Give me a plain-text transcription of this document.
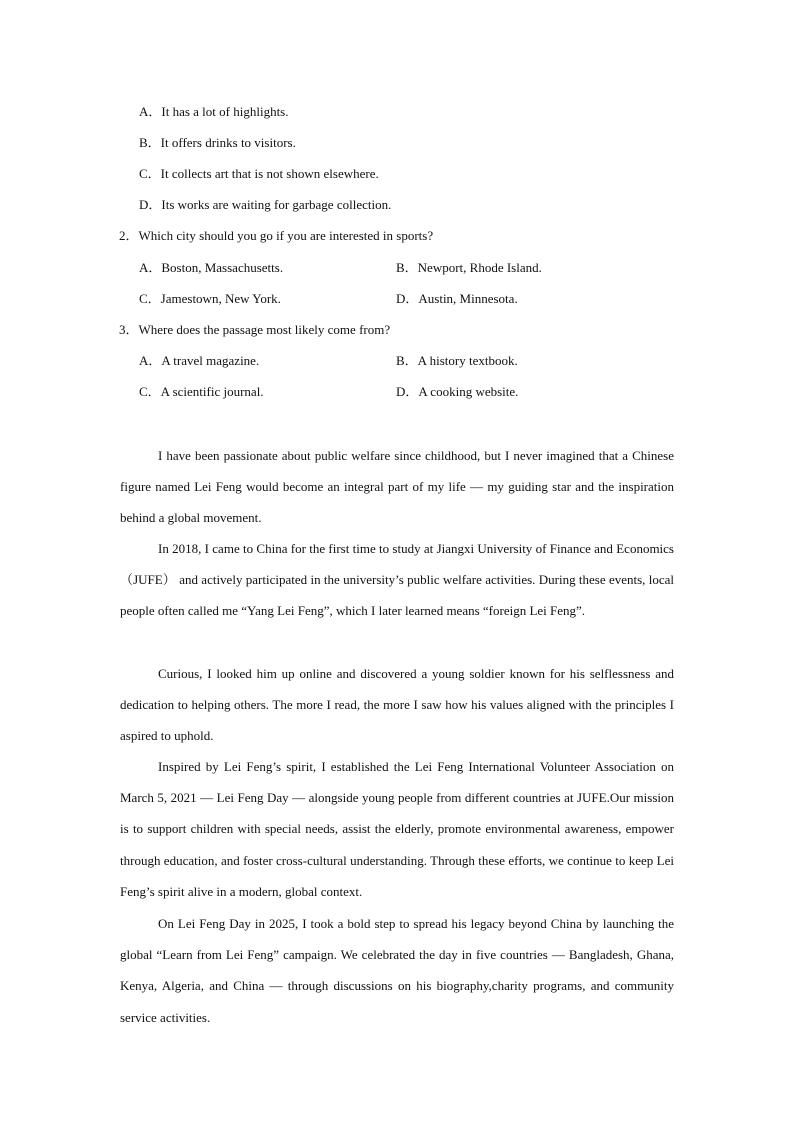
A．It has a lot of highlights.
B．It offers drinks to visitors.
C．It collects art that is not shown elsewhere.
D．Its works are waiting for garbage collection.
2．Which city should you go if you are interested in sports?
A．Boston, Massachusetts.	B．Newport, Rhode Island.
C．Jamestown, New York.	D．Austin, Minnesota.
3．Where does the passage most likely come from?
A．A travel magazine.	B．A history textbook.
C．A scientific journal.	D．A cooking website.

I have been passionate about public welfare since childhood, but I never imagined that a Chinese figure named Lei Feng would become an integral part of my life — my guiding star and the inspiration behind a global movement.

In 2018, I came to China for the first time to study at Jiangxi University of Finance and Economics （JUFE） and actively participated in the university’s public welfare activities. During these events, local people often called me “Yang Lei Feng”, which I later learned means “foreign Lei Feng”.

Curious, I looked him up online and discovered a young soldier known for his selflessness and dedication to helping others. The more I read, the more I saw how his values aligned with the principles I aspired to uphold.

Inspired by Lei Feng’s spirit, I established the Lei Feng International Volunteer Association on March 5, 2021 — Lei Feng Day — alongside young people from different countries at JUFE.Our mission is to support children with special needs, assist the elderly, promote environmental awareness, empower through education, and foster cross-cultural understanding. Through these efforts, we continue to keep Lei Feng’s spirit alive in a modern, global context.

On Lei Feng Day in 2025, I took a bold step to spread his legacy beyond China by launching the global “Learn from Lei Feng” campaign. We celebrated the day in five countries — Bangladesh, Ghana, Kenya, Algeria, and China — through discussions on his biography,charity programs, and community service activities.
